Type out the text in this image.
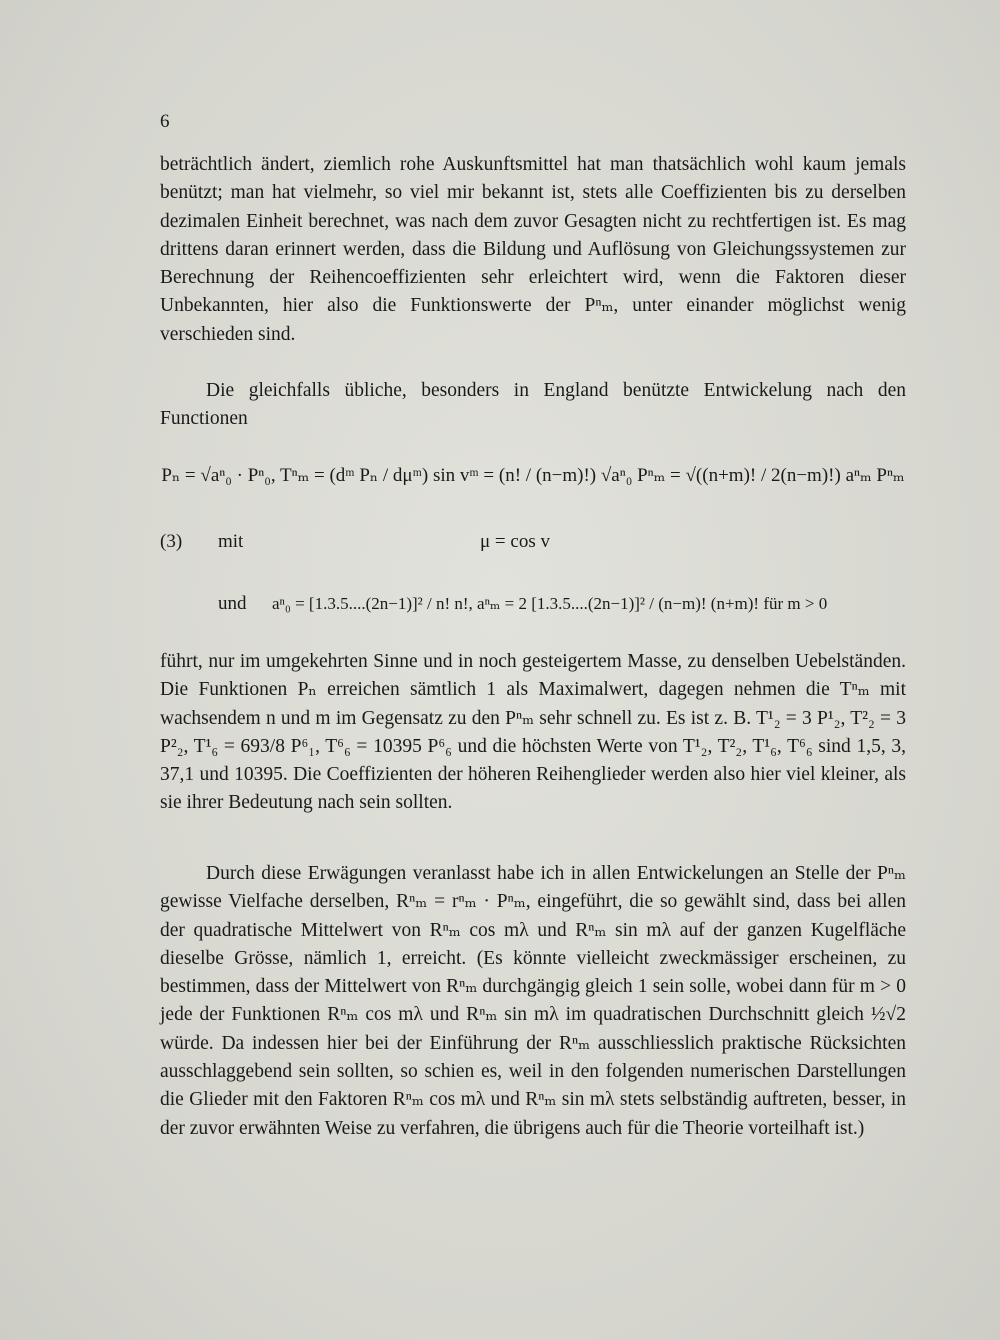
6

beträchtlich ändert, ziemlich rohe Auskunftsmittel hat man thatsächlich wohl kaum jemals benützt; man hat vielmehr, so viel mir bekannt ist, stets alle Coeffizienten bis zu derselben dezimalen Einheit berechnet, was nach dem zuvor Gesagten nicht zu rechtfertigen ist. Es mag drittens daran erinnert werden, dass die Bildung und Auflösung von Gleichungssystemen zur Berechnung der Reihencoeffizienten sehr erleichtert wird, wenn die Faktoren dieser Unbekannten, hier also die Funktionswerte der Pⁿₘ, unter einander möglichst wenig verschieden sind.

Die gleichfalls übliche, besonders in England benützte Entwickelung nach den Functionen

Pₙ = √aⁿ₀ · Pⁿ₀, Tⁿₘ = (dᵐ Pₙ / dμᵐ) sin vᵐ = (n! / (n−m)!) √aⁿ₀ Pⁿₘ = √((n+m)! / 2(n−m)!) aⁿₘ Pⁿₘ
(3) mit	μ = cos v
und aⁿ₀ = [1.3.5....(2n−1)]² / n! n!, aⁿₘ = 2 [1.3.5....(2n−1)]² / (n−m)! (n+m)! für m > 0

führt, nur im umgekehrten Sinne und in noch gesteigertem Masse, zu denselben Uebelständen. Die Funktionen Pₙ erreichen sämtlich 1 als Maximalwert, dagegen nehmen die Tⁿₘ mit wachsendem n und m im Gegensatz zu den Pⁿₘ sehr schnell zu. Es ist z. B. T¹₂ = 3 P¹₂, T²₂ = 3 P²₂, T¹₆ = 693/8 P⁶₁, T⁶₆ = 10395 P⁶₆ und die höchsten Werte von T¹₂, T²₂, T¹₆, T⁶₆ sind 1,5, 3, 37,1 und 10395. Die Coeffizienten der höheren Reihenglieder werden also hier viel kleiner, als sie ihrer Bedeutung nach sein sollten.

Durch diese Erwägungen veranlasst habe ich in allen Entwickelungen an Stelle der Pⁿₘ gewisse Vielfache derselben, Rⁿₘ = rⁿₘ · Pⁿₘ, eingeführt, die so gewählt sind, dass bei allen der quadratische Mittelwert von Rⁿₘ cos mλ und Rⁿₘ sin mλ auf der ganzen Kugelfläche dieselbe Grösse, nämlich 1, erreicht. (Es könnte vielleicht zweckmässiger erscheinen, zu bestimmen, dass der Mittelwert von Rⁿₘ durchgängig gleich 1 sein solle, wobei dann für m > 0 jede der Funktionen Rⁿₘ cos mλ und Rⁿₘ sin mλ im quadratischen Durchschnitt gleich ½√2 würde. Da indessen hier bei der Einführung der Rⁿₘ ausschliesslich praktische Rücksichten ausschlaggebend sein sollten, so schien es, weil in den folgenden numerischen Darstellungen die Glieder mit den Faktoren Rⁿₘ cos mλ und Rⁿₘ sin mλ stets selbständig auftreten, besser, in der zuvor erwähnten Weise zu verfahren, die übrigens auch für die Theorie vorteilhaft ist.)
